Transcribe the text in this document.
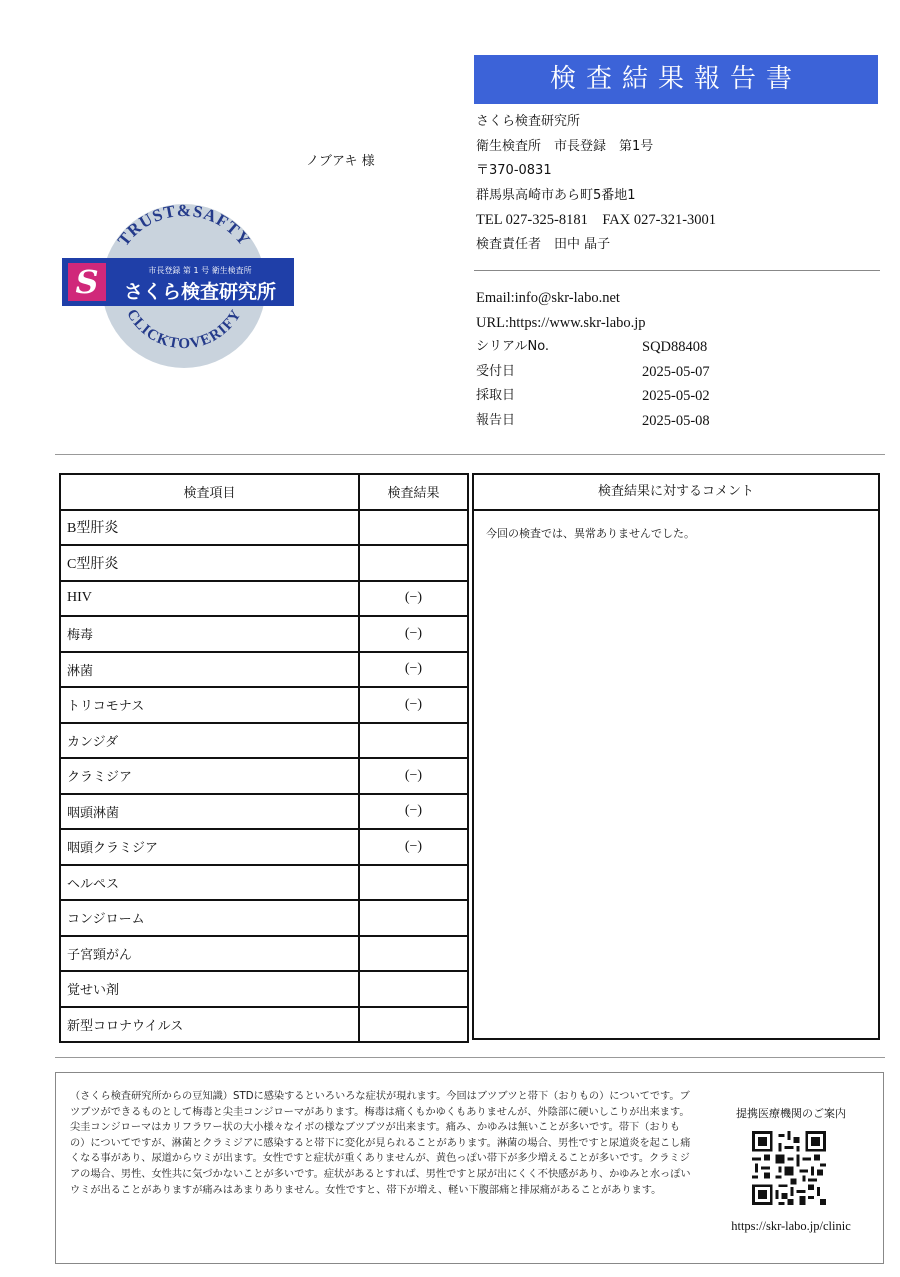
検査結果報告書
ノブアキ 様
さくら検査研究所
衛生検査所　市長登録　第1号
〒370-0831
群馬県高崎市あら町5番地1
TEL 027-325-8181　FAX 027-321-3001
検査責任者　田中 晶子
Email:info@skr-labo.net
URL:https://www.skr-labo.jp
シリアルNo.	SQD88408
受付日	2025-05-07
採取日	2025-05-02
報告日	2025-05-08
TRUST&SAFTY
CLICKTOVERIFY
S	市長登録 第 1 号 衛生検査所
さくら検査研究所
検査項目	検査結果
B型肝炎	
C型肝炎	
HIV	(−)
梅毒	(−)
淋菌	(−)
トリコモナス	(−)
カンジダ	
クラミジア	(−)
咽頭淋菌	(−)
咽頭クラミジア	(−)
ヘルペス	
コンジローム	
子宮頸がん	
覚せい剤	
新型コロナウイルス	
検査結果に対するコメント
今回の検査では、異常ありませんでした。
（さくら検査研究所からの豆知識）STDに感染するといろいろな症状が現れます。今回はブツブツと帯下（おりもの）についてです。ブツブツができるものとして梅毒と尖圭コンジローマがあります。梅毒は痛くもかゆくもありませんが、外陰部に硬いしこりが出来ます。尖圭コンジローマはカリフラワー状の大小様々なイボの様なブツブツが出来ます。痛み、かゆみは無いことが多いです。帯下（おりもの）についてですが、淋菌とクラミジアに感染すると帯下に変化が見られることがあります。淋菌の場合、男性ですと尿道炎を起こし痛くなる事があり、尿道からウミが出ます。女性ですと症状が重くありませんが、黄色っぽい帯下が多少増えることが多いです。クラミジアの場合、男性、女性共に気づかないことが多いです。症状があるとすれば、男性ですと尿が出にくく不快感があり、かゆみと水っぽいウミが出ることがありますが痛みはあまりありません。女性ですと、帯下が増え、軽い下腹部痛と排尿痛があることがあります。
提携医療機関のご案内
https://skr-labo.jp/clinic
